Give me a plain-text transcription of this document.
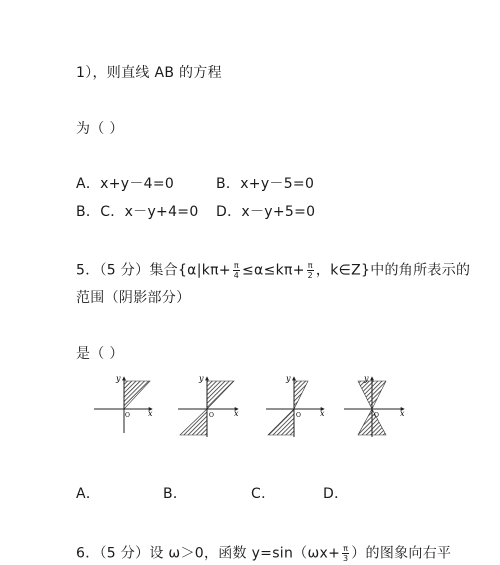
1），则直线 AB 的方程
为（ ）
A．x+y－4=0	B．x+y－5=0
B．C．x－y+4=0 D．x－y+5=0
5．（5 分）集合{$\alpha|k\pi+ \frac{\pi}{4} \le\alpha\le k\pi+ \frac{\pi}{2}$ ，k∈Z}中的角所表示的
范围（阴影部分）
是（ ）
y
x
O
y
x
O
y
x
O
y
x
O
A．	B．	C．	D．
6．（5 分）设 ω＞0，函数 $y=\sin(\omega x+ \frac{\pi}{3}$ ）的图象向右平
